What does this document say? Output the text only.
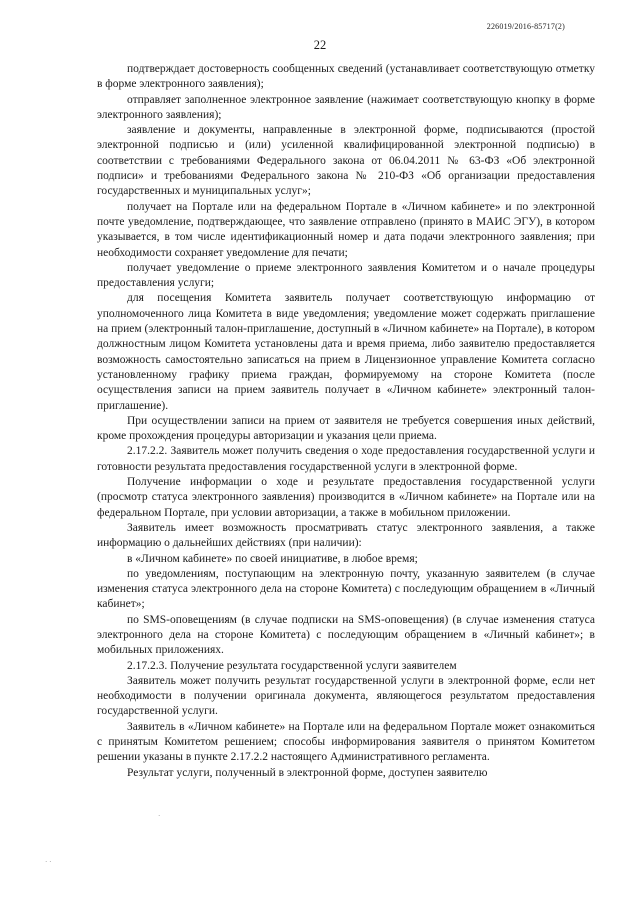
226019/2016-85717(2)
22

подтверждает достоверность сообщенных сведений (устанавливает соответствующую отметку в форме электронного заявления);

отправляет заполненное электронное заявление (нажимает соответствующую кнопку в форме электронного заявления);

заявление и документы, направленные в электронной форме, подписываются (простой электронной подписью и (или) усиленной квалифицированной электронной подписью) в соответствии с требованиями Федерального закона от 06.04.2011 № 63-ФЗ «Об электронной подписи» и требованиями Федерального закона № 210-ФЗ «Об организации предоставления государственных и муниципальных услуг»;

получает на Портале или на федеральном Портале в «Личном кабинете» и по электронной почте уведомление, подтверждающее, что заявление отправлено (принято в МАИС ЭГУ), в котором указывается, в том числе идентификационный номер и дата подачи электронного заявления; при необходимости сохраняет уведомление для печати;

получает уведомление о приеме электронного заявления Комитетом и о начале процедуры предоставления услуги;

для посещения Комитета заявитель получает соответствующую информацию от уполномоченного лица Комитета в виде уведомления; уведомление может содержать приглашение на прием (электронный талон-приглашение, доступный в «Личном кабинете» на Портале), в котором должностным лицом Комитета установлены дата и время приема, либо заявителю предоставляется возможность самостоятельно записаться на прием в Лицензионное управление Комитета согласно установленному графику приема граждан, формируемому на стороне Комитета (после осуществления записи на прием заявитель получает в «Личном кабинете» электронный талон-приглашение).

При осуществлении записи на прием от заявителя не требуется совершения иных действий, кроме прохождения процедуры авторизации и указания цели приема.

2.17.2.2. Заявитель может получить сведения о ходе предоставления государственной услуги и готовности результата предоставления государственной услуги в электронной форме.

Получение информации о ходе и результате предоставления государственной услуги (просмотр статуса электронного заявления) производится в «Личном кабинете» на Портале или на федеральном Портале, при условии авторизации, а также в мобильном приложении.

Заявитель имеет возможность просматривать статус электронного заявления, а также информацию о дальнейших действиях (при наличии):

в «Личном кабинете» по своей инициативе, в любое время;

по уведомлениям, поступающим на электронную почту, указанную заявителем (в случае изменения статуса электронного дела на стороне Комитета) с последующим обращением в «Личный кабинет»;

по SMS-оповещениям (в случае подписки на SMS-оповещения) (в случае изменения статуса электронного дела на стороне Комитета) с последующим обращением в «Личный кабинет»; в мобильных приложениях.

2.17.2.3. Получение результата государственной услуги заявителем

Заявитель может получить результат государственной услуги в электронной форме, если нет необходимости в получении оригинала документа, являющегося результатом предоставления государственной услуги.

Заявитель в «Личном кабинете» на Портале или на федеральном Портале может ознакомиться с принятым Комитетом решением; способы информирования заявителя о принятом Комитетом решении указаны в пункте 2.17.2.2 настоящего Административного регламента.

Результат услуги, полученный в электронной форме, доступен заявителю

·
· ·
